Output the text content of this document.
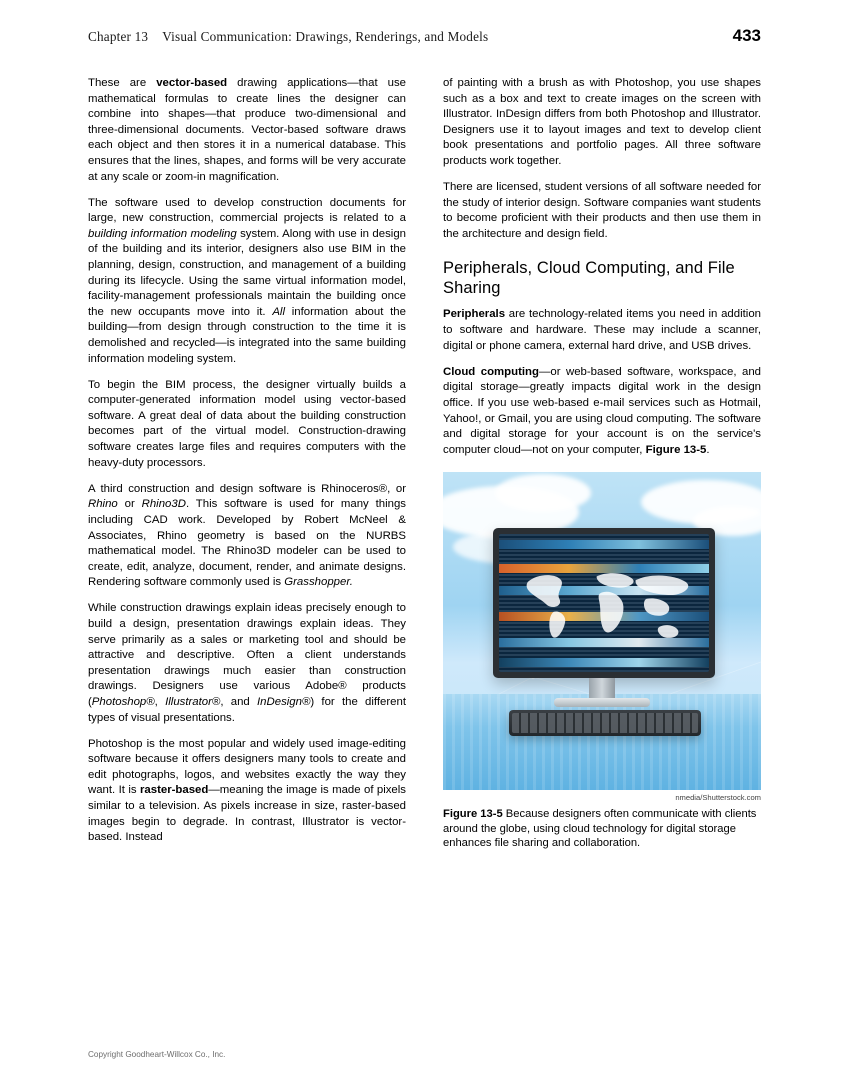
Chapter 13 Visual Communication: Drawings, Renderings, and Models	433

These are vector-based drawing applications—that use mathematical formulas to create lines the designer can combine into shapes—that produce two-dimensional and three-dimensional documents. Vector-based software draws each object and then stores it in a numerical database. This ensures that the lines, shapes, and forms will be very accurate at any scale or zoom-in magnification.

The software used to develop construction documents for large, new construction, commercial projects is related to a building information modeling system. Along with use in design of the building and its interior, designers also use BIM in the planning, design, construction, and management of a building during its lifecycle. Using the same virtual information model, facility-management professionals maintain the building once the new occupants move into it. All information about the building—from design through construction to the time it is demolished and recycled—is integrated into the same building information modeling system.

To begin the BIM process, the designer virtually builds a computer-generated information model using vector-based software. A great deal of data about the building construction becomes part of the virtual model. Construction-drawing software creates large files and requires computers with the heavy-duty processors.

A third construction and design software is Rhinoceros®, or Rhino or Rhino3D. This software is used for many things including CAD work. Developed by Robert McNeel & Associates, Rhino geometry is based on the NURBS mathematical model. The Rhino3D modeler can be used to create, edit, analyze, document, render, and animate designs. Rendering software commonly used is Grasshopper.

While construction drawings explain ideas precisely enough to build a design, presentation drawings explain ideas. They serve primarily as a sales or marketing tool and should be attractive and descriptive. Often a client understands presentation drawings much easier than construction drawings. Designers use various Adobe® products (Photoshop®, Illustrator®, and InDesign®) for the different types of visual presentations.

Photoshop is the most popular and widely used image-editing software because it offers designers many tools to create and edit photographs, logos, and websites exactly the way they want. It is raster-based—meaning the image is made of pixels similar to a television. As pixels increase in size, raster-based images begin to degrade. In contrast, Illustrator is vector-based. Instead

of painting with a brush as with Photoshop, you use shapes such as a box and text to create images on the screen with Illustrator. InDesign differs from both Photoshop and Illustrator. Designers use it to layout images and text to develop client book presentations and portfolio pages. All three software products work together.

There are licensed, student versions of all software needed for the study of interior design. Software companies want students to become proficient with their products and then use them in the architecture and design field.

Peripherals, Cloud Computing, and File Sharing

Peripherals are technology-related items you need in addition to software and hardware. These may include a scanner, digital or phone camera, external hard drive, and USB drives.

Cloud computing—or web-based software, workspace, and digital storage—greatly impacts digital work in the design office. If you use web-based e-mail services such as Hotmail, Yahoo!, or Gmail, you are using cloud computing. The software and digital storage for your account is on the service's computer cloud—not on your computer, Figure 13-5.

nmedia/Shutterstock.com
Figure 13-5 Because designers often communicate with clients around the globe, using cloud technology for digital storage enhances file sharing and collaboration.
Copyright Goodheart-Willcox Co., Inc.
